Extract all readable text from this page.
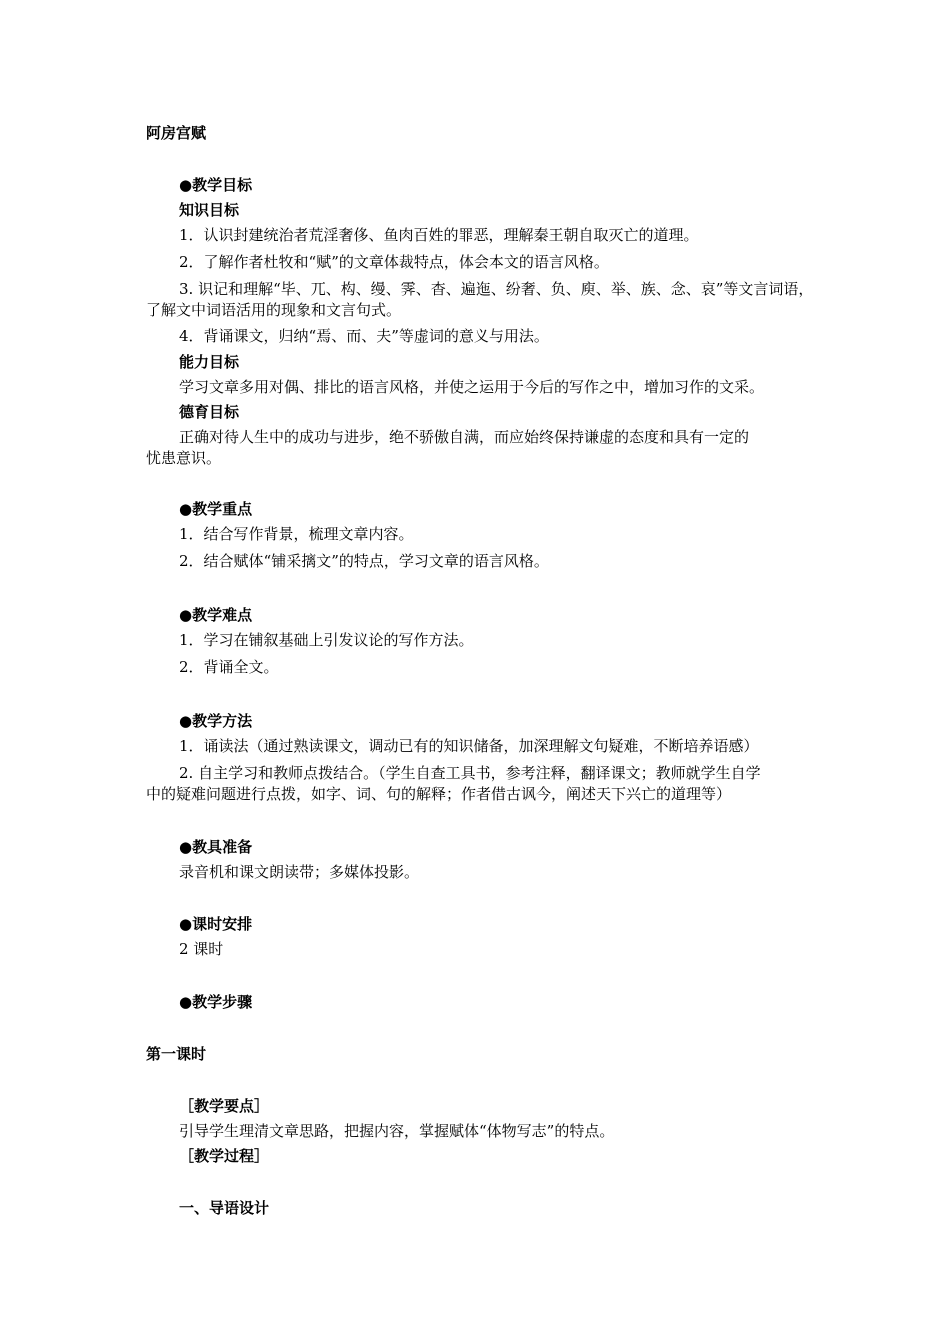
阿房宫赋
●教学目标
知识目标
1．认识封建统治者荒淫奢侈、鱼肉百姓的罪恶，理解秦王朝自取灭亡的道理。
2．了解作者杜牧和“赋”的文章体裁特点，体会本文的语言风格。
3. 识记和理解“毕、兀、构、缦、霁、杳、遍迤、纷奢、负、庾、举、族、念、哀”等文言词语，
了解文中词语活用的现象和文言句式。
4．背诵课文，归纳“焉、而、夫”等虚词的意义与用法。
能力目标
学习文章多用对偶、排比的语言风格，并使之运用于今后的写作之中，增加习作的文采。
德育目标
正确对待人生中的成功与进步，绝不骄傲自满，而应始终保持谦虚的态度和具有一定的
忧患意识。
●教学重点
1．结合写作背景，梳理文章内容。
2．结合赋体“铺采摛文”的特点，学习文章的语言风格。
●教学难点
1．学习在铺叙基础上引发议论的写作方法。
2．背诵全文。
●教学方法
1．诵读法（通过熟读课文，调动已有的知识储备，加深理解文句疑难，不断培养语感）
2. 自主学习和教师点拨结合。（学生自查工具书，参考注释，翻译课文；教师就学生自学
中的疑难问题进行点拨，如字、词、句的解释；作者借古讽今，阐述天下兴亡的道理等）
●教具准备
录音机和课文朗读带；多媒体投影。
●课时安排
2 课时
●教学步骤
第一课时
［教学要点］
引导学生理清文章思路，把握内容，掌握赋体“体物写志”的特点。
［教学过程］
一、导语设计
